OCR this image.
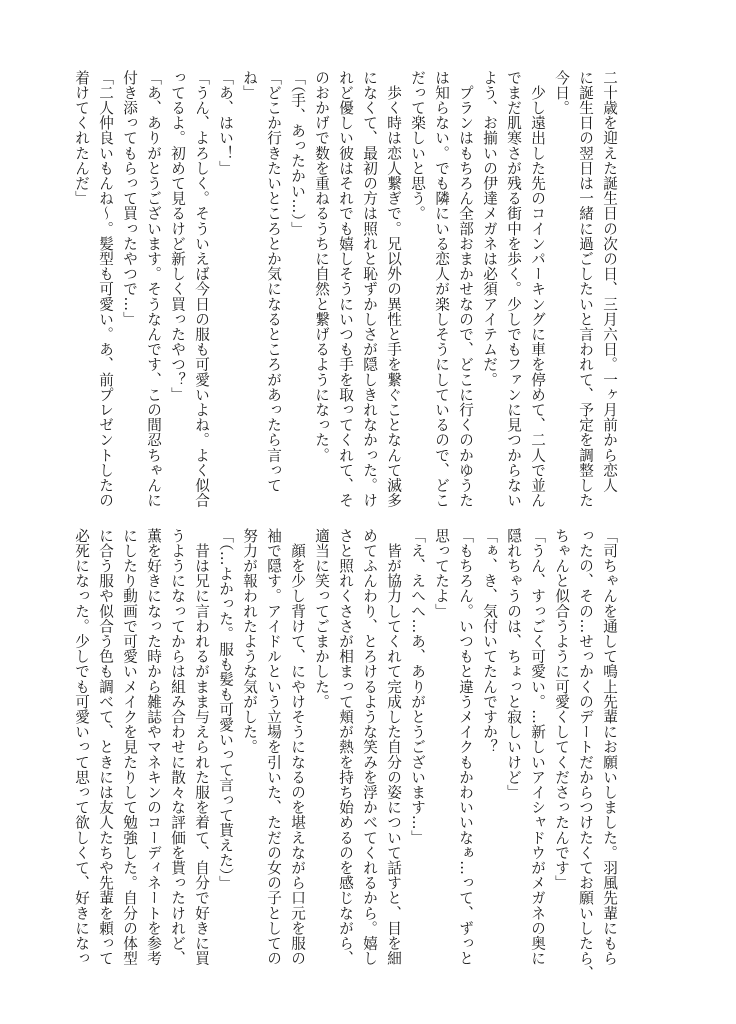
二十歳を迎えた誕生日の次の日、三月六日。一ヶ月前から恋人
に誕生日の翌日は一緒に過ごしたいと言われて、予定を調整した
今日。
　少し遠出した先のコインパーキングに車を停めて、二人で並ん
でまだ肌寒さが残る街中を歩く。少しでもファンに見つからない
よう、お揃いの伊達メガネは必須アイテムだ。
　プランはもちろん全部おまかせなので、どこに行くのかゆうた
は知らない。でも隣にいる恋人が楽しそうにしているので、どこ
だって楽しいと思う。
　歩く時は恋人繋ぎで。兄以外の異性と手を繋ぐことなんて滅多
になくて、最初の方は照れと恥ずかしさが隠しきれなかった。け
れど優しい彼はそれでも嬉しそうにいつも手を取ってくれて、そ
のおかげで数を重ねるうちに自然と繋げるようになった。
「（手、あったかい…）」
「どこか行きたいところとか気になるところがあったら言って
ね」
「あ、はい！」
「うん、よろしく。そういえば今日の服も可愛いよね。よく似合
ってるよ。初めて見るけど新しく買ったやつ？」
「あ、ありがとうございます。そうなんです、この間忍ちゃんに
付き添ってもらって買ったやつで…」
「二人仲良いもんね〜。髪型も可愛い。あ、前プレゼントしたの
着けてくれたんだ」
「司ちゃんを通して鳴上先輩にお願いしました。羽風先輩にもら
ったの、その…せっかくのデートだからつけたくてお願いしたら、
ちゃんと似合うように可愛くしてくださったんです」
「うん、すっごく可愛い。…新しいアイシャドウがメガネの奥に
隠れちゃうのは、ちょっと寂しいけど」
「ぁ、き、気付いてたんですか？
「もちろん。いつもと違うメイクもかわいいなぁ…って、ずっと
思ってたよ」
「え、えへへ…あ、ありがとうございます…」
　皆が協力してくれて完成した自分の姿について話すと、目を細
めてふんわり、とろけるような笑みを浮かべてくれるから。嬉し
さと照れくささが相まって頬が熱を持ち始めるのを感じながら、
適当に笑ってごまかした。
　顔を少し背けて、にやけそうになるのを堪えながら口元を服の
袖で隠す。アイドルという立場を引いた、ただの女の子としての
努力が報われたような気がした。
「（…よかった。服も髪も可愛いって言って貰えた）」
　昔は兄に言われるがまま与えられた服を着て、自分で好きに買
うようになってからは組み合わせに散々な評価を貰ったけれど、
薫を好きになった時から雑誌やマネキンのコーディネートを参考
にしたり動画で可愛いメイクを見たりして勉強した。自分の体型
に合う服や似合う色も調べて、ときには友人たちや先輩を頼って
必死になった。少しでも可愛いって思って欲しくて、好きになっ
